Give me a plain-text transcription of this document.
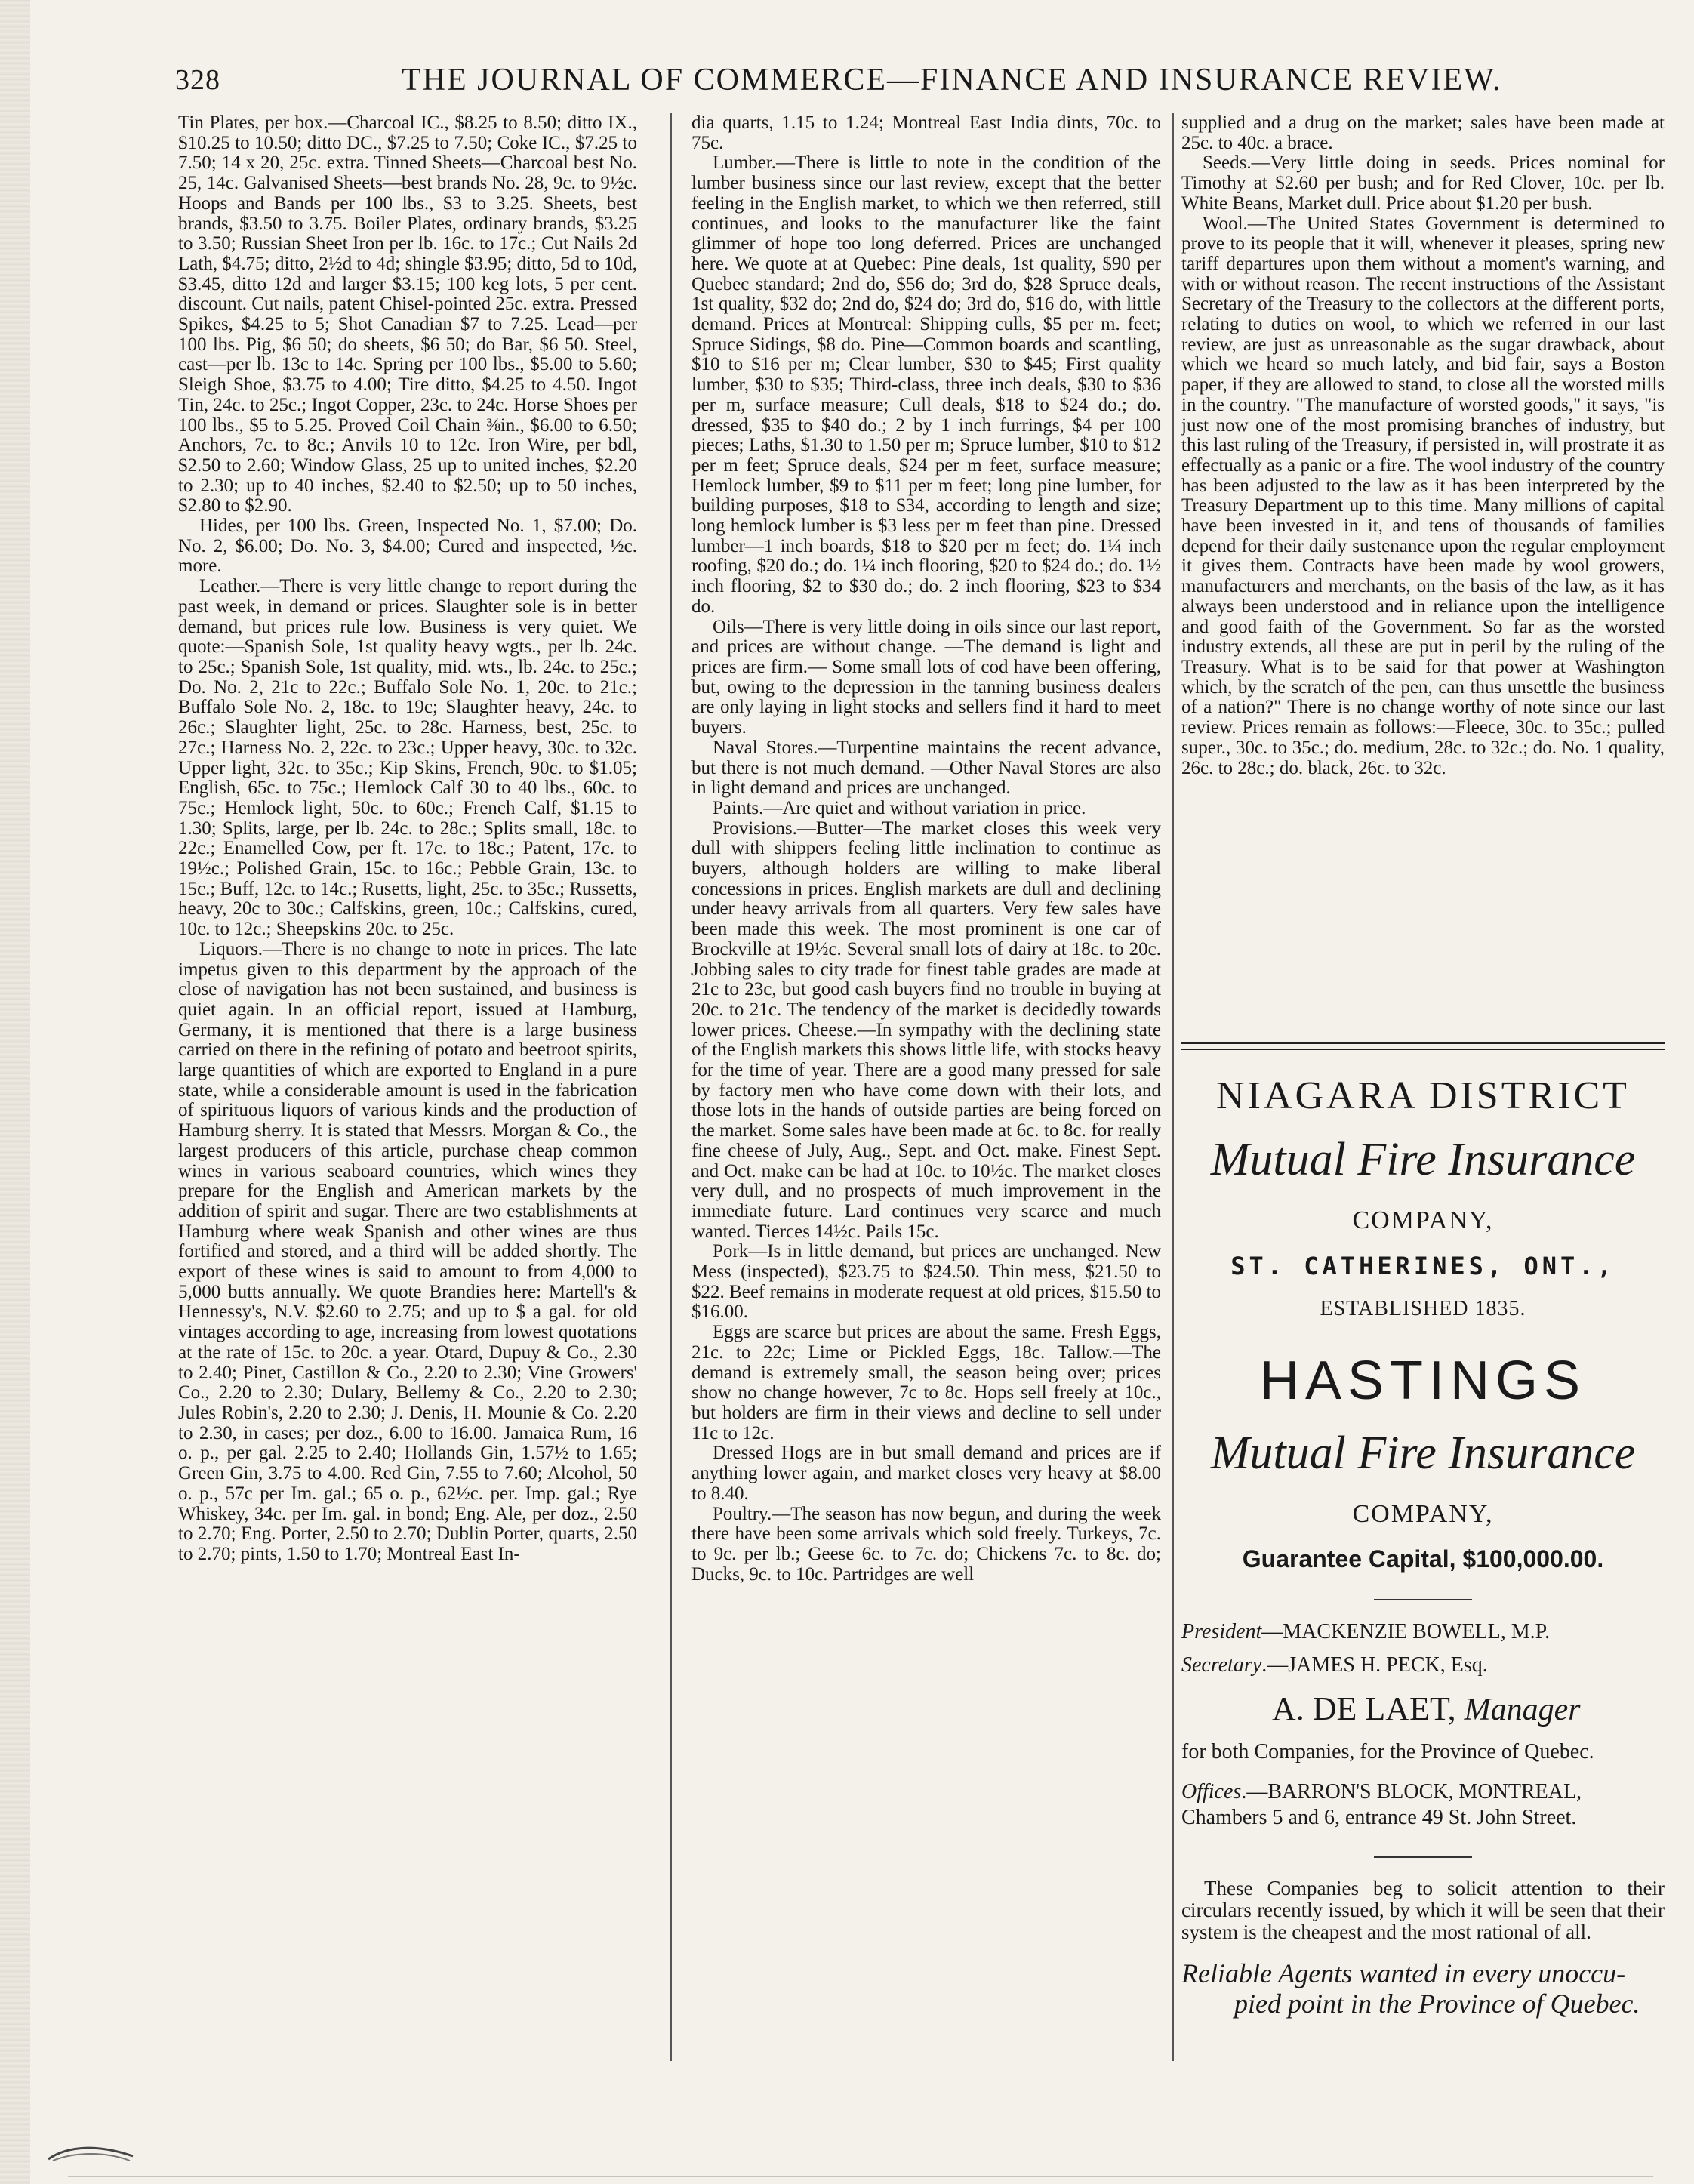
328	THE JOURNAL OF COMMERCE—FINANCE AND INSURANCE REVIEW.

Tin Plates, per box.—Charcoal IC., $8.25 to 8.50; ditto IX., $10.25 to 10.50; ditto DC., $7.25 to 7.50; Coke IC., $7.25 to 7.50; 14 x 20, 25c. extra. Tinned Sheets—Charcoal best No. 25, 14c. Galvanised Sheets—best brands No. 28, 9c. to 9½c. Hoops and Bands per 100 lbs., $3 to 3.25. Sheets, best brands, $3.50 to 3.75. Boiler Plates, ordinary brands, $3.25 to 3.50; Russian Sheet Iron per lb. 16c. to 17c.; Cut Nails 2d Lath, $4.75; ditto, 2½d to 4d; shingle $3.95; ditto, 5d to 10d, $3.45, ditto 12d and larger $3.15; 100 keg lots, 5 per cent. discount. Cut nails, patent Chisel-pointed 25c. extra. Pressed Spikes, $4.25 to 5; Shot Canadian $7 to 7.25. Lead—per 100 lbs. Pig, $6 50; do sheets, $6 50; do Bar, $6 50. Steel, cast—per lb. 13c to 14c. Spring per 100 lbs., $5.00 to 5.60; Sleigh Shoe, $3.75 to 4.00; Tire ditto, $4.25 to 4.50. Ingot Tin, 24c. to 25c.; Ingot Copper, 23c. to 24c. Horse Shoes per 100 lbs., $5 to 5.25. Proved Coil Chain ⅜in., $6.00 to 6.50; Anchors, 7c. to 8c.; Anvils 10 to 12c. Iron Wire, per bdl, $2.50 to 2.60; Window Glass, 25 up to united inches, $2.20 to 2.30; up to 40 inches, $2.40 to $2.50; up to 50 inches, $2.80 to $2.90.

Hides, per 100 lbs. Green, Inspected No. 1, $7.00; Do. No. 2, $6.00; Do. No. 3, $4.00; Cured and inspected, ½c. more.

Leather.—There is very little change to report during the past week, in demand or prices. Slaughter sole is in better demand, but prices rule low. Business is very quiet. We quote:—Spanish Sole, 1st quality heavy wgts., per lb. 24c. to 25c.; Spanish Sole, 1st quality, mid. wts., lb. 24c. to 25c.; Do. No. 2, 21c to 22c.; Buffalo Sole No. 1, 20c. to 21c.; Buffalo Sole No. 2, 18c. to 19c; Slaughter heavy, 24c. to 26c.; Slaughter light, 25c. to 28c. Harness, best, 25c. to 27c.; Harness No. 2, 22c. to 23c.; Upper heavy, 30c. to 32c. Upper light, 32c. to 35c.; Kip Skins, French, 90c. to $1.05; English, 65c. to 75c.; Hemlock Calf 30 to 40 lbs., 60c. to 75c.; Hemlock light, 50c. to 60c.; French Calf, $1.15 to 1.30; Splits, large, per lb. 24c. to 28c.; Splits small, 18c. to 22c.; Enamelled Cow, per ft. 17c. to 18c.; Patent, 17c. to 19½c.; Polished Grain, 15c. to 16c.; Pebble Grain, 13c. to 15c.; Buff, 12c. to 14c.; Rusetts, light, 25c. to 35c.; Russetts, heavy, 20c to 30c.; Calfskins, green, 10c.; Calfskins, cured, 10c. to 12c.; Sheepskins 20c. to 25c.

Liquors.—There is no change to note in prices. The late impetus given to this department by the approach of the close of navigation has not been sustained, and business is quiet again. In an official report, issued at Hamburg, Germany, it is mentioned that there is a large business carried on there in the refining of potato and beetroot spirits, large quantities of which are exported to England in a pure state, while a considerable amount is used in the fabrication of spirituous liquors of various kinds and the production of Hamburg sherry. It is stated that Messrs. Morgan & Co., the largest producers of this article, purchase cheap common wines in various seaboard countries, which wines they prepare for the English and American markets by the addition of spirit and sugar. There are two establishments at Hamburg where weak Spanish and other wines are thus fortified and stored, and a third will be added shortly. The export of these wines is said to amount to from 4,000 to 5,000 butts annually. We quote Brandies here: Martell's & Hennessy's, N.V. $2.60 to 2.75; and up to $ a gal. for old vintages according to age, increasing from lowest quotations at the rate of 15c. to 20c. a year. Otard, Dupuy & Co., 2.30 to 2.40; Pinet, Castillon & Co., 2.20 to 2.30; Vine Growers' Co., 2.20 to 2.30; Dulary, Bellemy & Co., 2.20 to 2.30; Jules Robin's, 2.20 to 2.30; J. Denis, H. Mounie & Co. 2.20 to 2.30, in cases; per doz., 6.00 to 16.00. Jamaica Rum, 16 o. p., per gal. 2.25 to 2.40; Hollands Gin, 1.57½ to 1.65; Green Gin, 3.75 to 4.00. Red Gin, 7.55 to 7.60; Alcohol, 50 o. p., 57c per Im. gal.; 65 o. p., 62½c. per. Imp. gal.; Rye Whiskey, 34c. per Im. gal. in bond; Eng. Ale, per doz., 2.50 to 2.70; Eng. Porter, 2.50 to 2.70; Dublin Porter, quarts, 2.50 to 2.70; pints, 1.50 to 1.70; Montreal East In-

dia quarts, 1.15 to 1.24; Montreal East India dints, 70c. to 75c.

Lumber.—There is little to note in the condition of the lumber business since our last review, except that the better feeling in the English market, to which we then referred, still continues, and looks to the manufacturer like the faint glimmer of hope too long deferred. Prices are unchanged here. We quote at at Quebec: Pine deals, 1st quality, $90 per Quebec standard; 2nd do, $56 do; 3rd do, $28 Spruce deals, 1st quality, $32 do; 2nd do, $24 do; 3rd do, $16 do, with little demand. Prices at Montreal: Shipping culls, $5 per m. feet; Spruce Sidings, $8 do. Pine—Common boards and scantling, $10 to $16 per m; Clear lumber, $30 to $45; First quality lumber, $30 to $35; Third-class, three inch deals, $30 to $36 per m, surface measure; Cull deals, $18 to $24 do.; do. dressed, $35 to $40 do.; 2 by 1 inch furrings, $4 per 100 pieces; Laths, $1.30 to 1.50 per m; Spruce lumber, $10 to $12 per m feet; Spruce deals, $24 per m feet, surface measure; Hemlock lumber, $9 to $11 per m feet; long pine lumber, for building purposes, $18 to $34, according to length and size; long hemlock lumber is $3 less per m feet than pine. Dressed lumber—1 inch boards, $18 to $20 per m feet; do. 1¼ inch roofing, $20 do.; do. 1¼ inch flooring, $20 to $24 do.; do. 1½ inch flooring, $2 to $30 do.; do. 2 inch flooring, $23 to $34 do.

Oils—There is very little doing in oils since our last report, and prices are without change. —The demand is light and prices are firm.— Some small lots of cod have been offering, but, owing to the depression in the tanning business dealers are only laying in light stocks and sellers find it hard to meet buyers.

Naval Stores.—Turpentine maintains the recent advance, but there is not much demand. —Other Naval Stores are also in light demand and prices are unchanged.

Paints.—Are quiet and without variation in price.

Provisions.—Butter—The market closes this week very dull with shippers feeling little inclination to continue as buyers, although holders are willing to make liberal concessions in prices. English markets are dull and declining under heavy arrivals from all quarters. Very few sales have been made this week. The most prominent is one car of Brockville at 19½c. Several small lots of dairy at 18c. to 20c. Jobbing sales to city trade for finest table grades are made at 21c to 23c, but good cash buyers find no trouble in buying at 20c. to 21c. The tendency of the market is decidedly towards lower prices. Cheese.—In sympathy with the declining state of the English markets this shows little life, with stocks heavy for the time of year. There are a good many pressed for sale by factory men who have come down with their lots, and those lots in the hands of outside parties are being forced on the market. Some sales have been made at 6c. to 8c. for really fine cheese of July, Aug., Sept. and Oct. make. Finest Sept. and Oct. make can be had at 10c. to 10½c. The market closes very dull, and no prospects of much improvement in the immediate future. Lard continues very scarce and much wanted. Tierces 14½c. Pails 15c.

Pork—Is in little demand, but prices are unchanged. New Mess (inspected), $23.75 to $24.50. Thin mess, $21.50 to $22. Beef remains in moderate request at old prices, $15.50 to $16.00.

Eggs are scarce but prices are about the same. Fresh Eggs, 21c. to 22c; Lime or Pickled Eggs, 18c. Tallow.—The demand is extremely small, the season being over; prices show no change however, 7c to 8c. Hops sell freely at 10c., but holders are firm in their views and decline to sell under 11c to 12c.

Dressed Hogs are in but small demand and prices are if anything lower again, and market closes very heavy at $8.00 to 8.40.

Poultry.—The season has now begun, and during the week there have been some arrivals which sold freely. Turkeys, 7c. to 9c. per lb.; Geese 6c. to 7c. do; Chickens 7c. to 8c. do; Ducks, 9c. to 10c. Partridges are well

supplied and a drug on the market; sales have been made at 25c. to 40c. a brace.

Seeds.—Very little doing in seeds. Prices nominal for Timothy at $2.60 per bush; and for Red Clover, 10c. per lb. White Beans, Market dull. Price about $1.20 per bush.

Wool.—The United States Government is determined to prove to its people that it will, whenever it pleases, spring new tariff departures upon them without a moment's warning, and with or without reason. The recent instructions of the Assistant Secretary of the Treasury to the collectors at the different ports, relating to duties on wool, to which we referred in our last review, are just as unreasonable as the sugar drawback, about which we heard so much lately, and bid fair, says a Boston paper, if they are allowed to stand, to close all the worsted mills in the country. "The manufacture of worsted goods," it says, "is just now one of the most promising branches of industry, but this last ruling of the Treasury, if persisted in, will prostrate it as effectually as a panic or a fire. The wool industry of the country has been adjusted to the law as it has been interpreted by the Treasury Department up to this time. Many millions of capital have been invested in it, and tens of thousands of families depend for their daily sustenance upon the regular employment it gives them. Contracts have been made by wool growers, manufacturers and merchants, on the basis of the law, as it has always been understood and in reliance upon the intelligence and good faith of the Government. So far as the worsted industry extends, all these are put in peril by the ruling of the Treasury. What is to be said for that power at Washington which, by the scratch of the pen, can thus unsettle the business of a nation?" There is no change worthy of note since our last review. Prices remain as follows:—Fleece, 30c. to 35c.; pulled super., 30c. to 35c.; do. medium, 28c. to 32c.; do. No. 1 quality, 26c. to 28c.; do. black, 26c. to 32c.

NIAGARA DISTRICT
Mutual Fire Insurance
COMPANY,
ST. CATHERINES, ONT.,
ESTABLISHED 1835.
HASTINGS
Mutual Fire Insurance
COMPANY,
Guarantee Capital, $100,000.00.
President—MACKENZIE BOWELL, M.P.
Secretary.—JAMES H. PECK, Esq.
A. DE LAET, Manager
for both Companies, for the Province of Quebec.
Offices.—BARRON'S BLOCK, MONTREAL, Chambers 5 and 6, entrance 49 St. John Street.
These Companies beg to solicit attention to their circulars recently issued, by which it will be seen that their system is the cheapest and the most rational of all.
Reliable Agents wanted in every unoccu-
pied point in the Province of Quebec.
